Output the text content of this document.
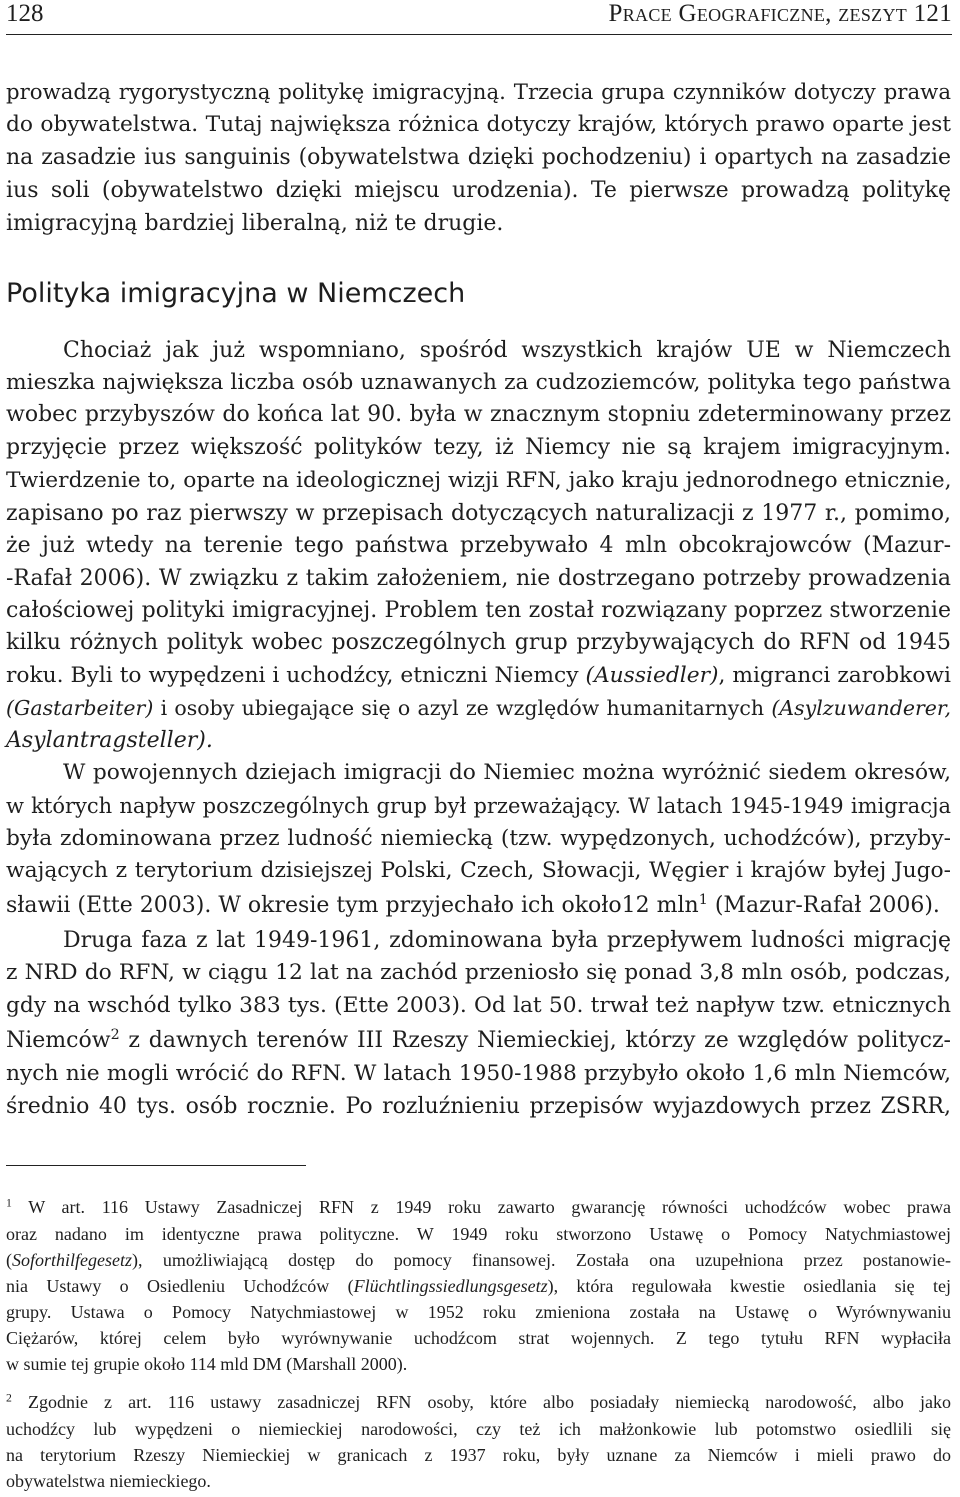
128	Prace Geograficzne, zeszyt 121
prowadzą rygorystyczną politykę imigracyjną. Trzecia grupa czynników dotyczy prawa
do obywatelstwa. Tutaj największa różnica dotyczy krajów, których prawo oparte jest
na zasadzie ius sanguinis (obywatelstwa dzięki pochodzeniu) i opartych na zasadzie
ius soli (obywatelstwo dzięki miejscu urodzenia). Te pierwsze prowadzą politykę
imigracyjną bardziej liberalną, niż te drugie.
Polityka imigracyjna w Niemczech
Chociaż jak już wspomniano, spośród wszystkich krajów UE w Niemczech
mieszka największa liczba osób uznawanych za cudzoziemców, polityka tego państwa
wobec przybyszów do końca lat 90. była w znacznym stopniu zdeterminowany przez
przyjęcie przez większość polityków tezy, iż Niemcy nie są krajem imigracyjnym.
Twierdzenie to, oparte na ideologicznej wizji RFN, jako kraju jednorodnego etnicznie,
zapisano po raz pierwszy w przepisach dotyczących naturalizacji z 1977 r., pomimo,
że już wtedy na terenie tego państwa przebywało 4 mln obcokrajowców (Mazur-
-Rafał 2006). W związku z takim założeniem, nie dostrzegano potrzeby prowadzenia
całościowej polityki imigracyjnej. Problem ten został rozwiązany poprzez stworzenie
kilku różnych polityk wobec poszczególnych grup przybywających do RFN od 1945
roku. Byli to wypędzeni i uchodźcy, etniczni Niemcy (Aussiedler), migranci zarobkowi
(Gastarbeiter) i osoby ubiegające się o azyl ze względów humanitarnych (Asylzuwanderer,
Asylantragsteller).
W powojennych dziejach imigracji do Niemiec można wyróżnić siedem okresów,
w których napływ poszczególnych grup był przeważający. W latach 1945-1949 imigracja
była zdominowana przez ludność niemiecką (tzw. wypędzonych, uchodźców), przyby-
wających z terytorium dzisiejszej Polski, Czech, Słowacji, Węgier i krajów byłej Jugo-
sławii (Ette 2003). W okresie tym przyjechało ich około12 mln$^1$ (Mazur-Rafał 2006).
Druga faza z lat 1949-1961, zdominowana była przepływem ludności migrację
z NRD do RFN, w ciągu 12 lat na zachód przeniosło się ponad 3,8 mln osób, podczas,
gdy na wschód tylko 383 tys. (Ette 2003). Od lat 50. trwał też napływ tzw. etnicznych
Niemców$^2$ z dawnych terenów III Rzeszy Niemieckiej, którzy ze względów politycz-
nych nie mogli wrócić do RFN. W latach 1950-1988 przybyło około 1,6 mln Niemców,
średnio 40 tys. osób rocznie. Po rozluźnieniu przepisów wyjazdowych przez ZSRR,
$^1$ W art. 116 Ustawy Zasadniczej RFN z 1949 roku zawarto gwarancję równości uchodźców wobec prawa
oraz nadano im identyczne prawa polityczne. W 1949 roku stworzono Ustawę o Pomocy Natychmiastowej
(Soforthilfegesetz), umożliwiającą dostęp do pomocy finansowej. Została ona uzupełniona przez postanowie-
nia Ustawy o Osiedleniu Uchodźców (Flüchtlingssiedlungsgesetz), która regulowała kwestie osiedlania się tej
grupy. Ustawa o Pomocy Natychmiastowej w 1952 roku zmieniona została na Ustawę o Wyrównywaniu
Ciężarów, której celem było wyrównywanie uchodźcom strat wojennych. Z tego tytułu RFN wypłaciła
w sumie tej grupie około 114 mld DM (Marshall 2000).
$^2$ Zgodnie z art. 116 ustawy zasadniczej RFN osoby, które albo posiadały niemiecką narodowość, albo jako
uchodźcy lub wypędzeni o niemieckiej narodowości, czy też ich małżonkowie lub potomstwo osiedlili się
na terytorium Rzeszy Niemieckiej w granicach z 1937 roku, były uznane za Niemców i mieli prawo do
obywatelstwa niemieckiego.
